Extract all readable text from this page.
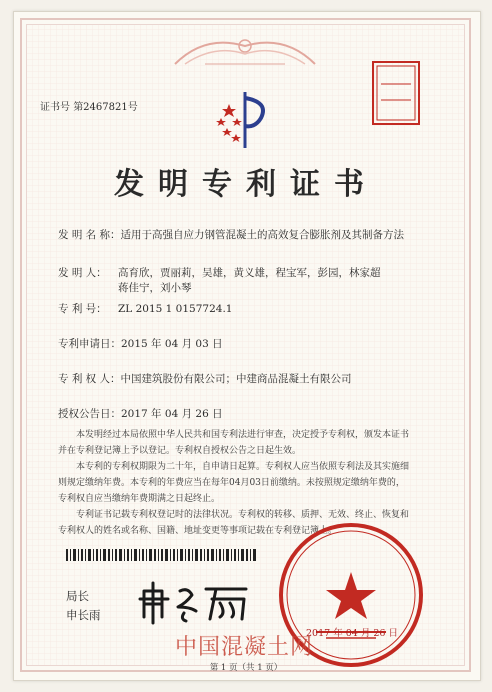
证书号 第2467821号
发明专利证书
发 明 名 称：适用于高强自应力钢管混凝土的高效复合膨胀剂及其制备方法
发 明 人： 高育欣，贾丽莉，吴雄，黄义雄，程宝军，彭园，林家超
蒋佳宁，刘小琴
专 利 号： ZL 2015 1 0157724.1
专利申请日：2015 年 04 月 03 日
专 利 权 人：中国建筑股份有限公司；中建商品混凝土有限公司
授权公告日：2017 年 04 月 26 日
本发明经过本局依照中华人民共和国专利法进行审查，决定授予专利权，颁发本证书
并在专利登记簿上予以登记。专利权自授权公告之日起生效。
本专利的专利权期限为二十年，自申请日起算。专利权人应当依照专利法及其实施细
则规定缴纳年费。本专利的年费应当在每年04月03日前缴纳。未按照规定缴纳年费的，
专利权自应当缴纳年费期满之日起终止。
专利证书记载专利权登记时的法律状况。专利权的转移、质押、无效、终止、恢复和
专利权人的姓名或名称、国籍、地址变更等事项记载在专利登记簿上。
局长
申长雨
2017 年 04 月 26 日
中国混凝土网
第 1 页（共 1 页）
